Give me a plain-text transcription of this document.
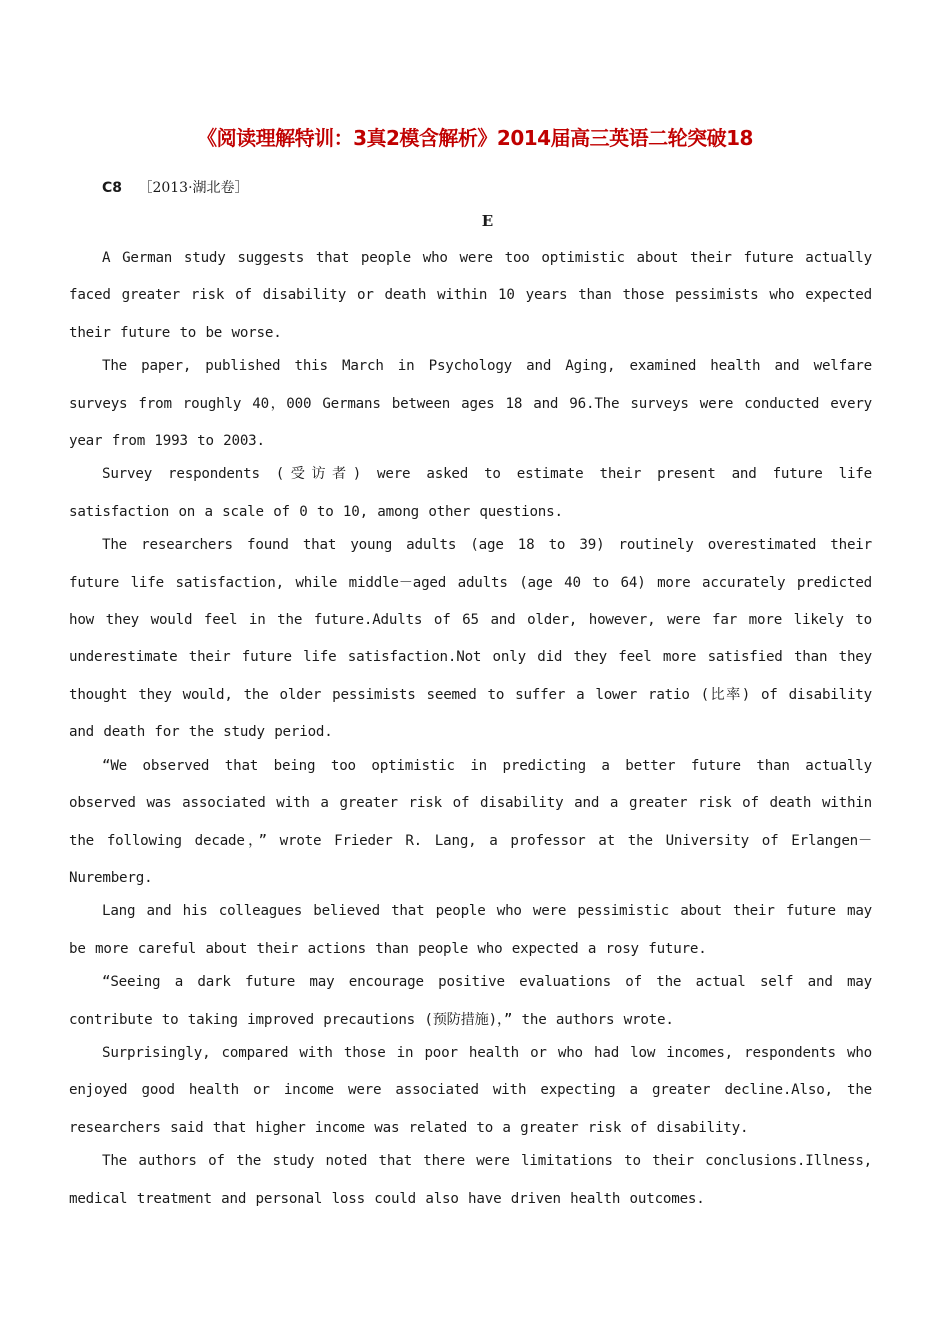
《阅读理解特训：3真2模含解析》2014届高三英语二轮突破18
C8 ［2013·湖北卷］
E

A German study suggests that people who were too optimistic about their future actually faced greater risk of disability or death within 10 years than those pessimists who expected their future to be worse.

The paper, published this March in Psychology and Aging, examined health and welfare surveys from roughly 40，000 Germans between ages 18 and 96.The surveys were conducted every year from 1993 to 2003.

Survey respondents (受访者) were asked to estimate their present and future life satisfaction on a scale of 0 to 10, among other questions.

The researchers found that young adults (age 18 to 39) routinely overestimated their future life satisfaction, while middle－aged adults (age 40 to 64) more accurately predicted how they would feel in the future.Adults of 65 and older, however, were far more likely to underestimate their future life satisfaction.Not only did they feel more satisfied than they thought they would, the older pessimists seemed to suffer a lower ratio (比率) of disability and death for the study period.

“We observed that being too optimistic in predicting a better future than actually observed was associated with a greater risk of disability and a greater risk of death within the following decade，” wrote Frieder R. Lang, a professor at the University of Erlangen－Nuremberg.

Lang and his colleagues believed that people who were pessimistic about their future may be more careful about their actions than people who expected a rosy future.

“Seeing a dark future may encourage positive evaluations of the actual self and may contribute to taking improved precautions (预防措施)，” the authors wrote.

Surprisingly, compared with those in poor health or who had low incomes, respondents who enjoyed good health or income were associated with expecting a greater decline.Also, the researchers said that higher income was related to a greater risk of disability.

The authors of the study noted that there were limitations to their conclusions.Illness, medical treatment and personal loss could also have driven health outcomes.
